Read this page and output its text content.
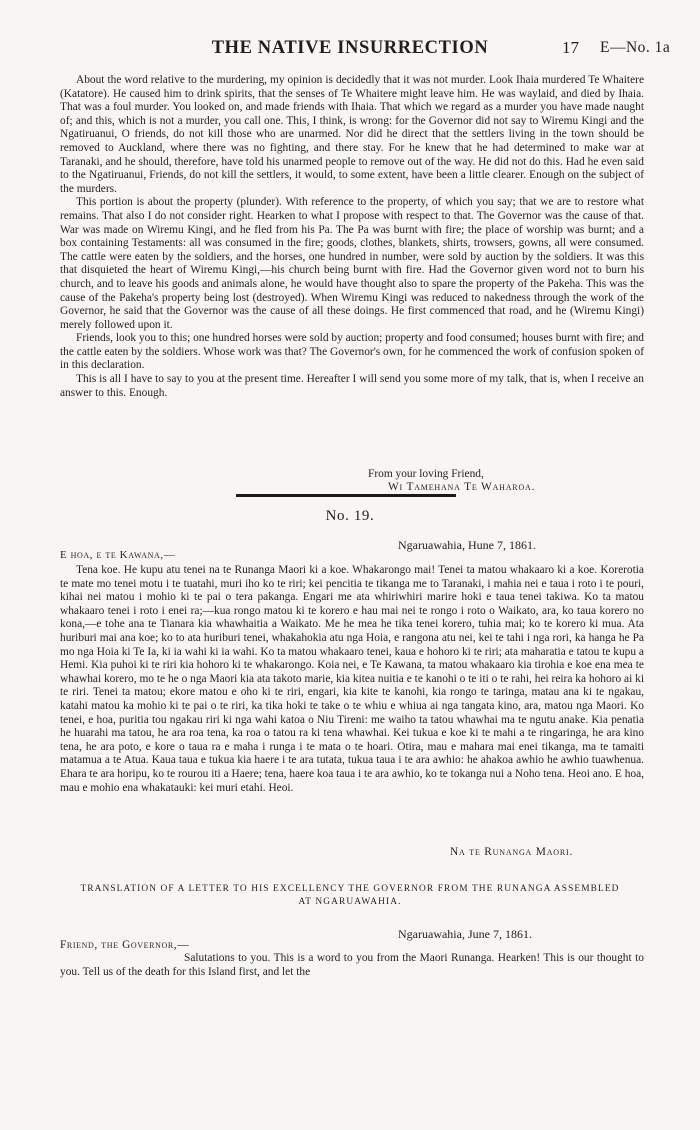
THE NATIVE INSURRECTION	17 E—No. 1a

About the word relative to the murdering, my opinion is decidedly that it was not murder. Look Ihaia murdered Te Whaitere (Katatore). He caused him to drink spirits, that the senses of Te Whaitere might leave him. He was waylaid, and died by Ihaia. That was a foul murder. You looked on, and made friends with Ihaia. That which we regard as a murder you have made naught of; and this, which is not a murder, you call one. This, I think, is wrong: for the Governor did not say to Wiremu Kingi and the Ngatiruanui, O friends, do not kill those who are unarmed. Nor did he direct that the settlers living in the town should be removed to Auckland, where there was no fighting, and there stay. For he knew that he had determined to make war at Taranaki, and he should, therefore, have told his unarmed people to remove out of the way. He did not do this. Had he even said to the Ngatiruanui, Friends, do not kill the settlers, it would, to some extent, have been a little clearer. Enough on the subject of the murders.

This portion is about the property (plunder). With reference to the property, of which you say; that we are to restore what remains. That also I do not consider right. Hearken to what I propose with respect to that. The Governor was the cause of that. War was made on Wiremu Kingi, and he fled from his Pa. The Pa was burnt with fire; the place of worship was burnt; and a box containing Testaments: all was consumed in the fire; goods, clothes, blankets, shirts, trowsers, gowns, all were consumed. The cattle were eaten by the soldiers, and the horses, one hundred in number, were sold by auction by the soldiers. It was this that disquieted the heart of Wiremu Kingi,—his church being burnt with fire. Had the Governor given word not to burn his church, and to leave his goods and animals alone, he would have thought also to spare the property of the Pakeha. This was the cause of the Pakeha's property being lost (destroyed). When Wiremu Kingi was reduced to nakedness through the work of the Governor, he said that the Governor was the cause of all these doings. He first commenced that road, and he (Wiremu Kingi) merely followed upon it.

Friends, look you to this; one hundred horses were sold by auction; property and food consumed; houses burnt with fire; and the cattle eaten by the soldiers. Whose work was that? The Governor's own, for he commenced the work of confusion spoken of in this declaration.

This is all I have to say to you at the present time. Hereafter I will send you some more of my talk, that is, when I receive an answer to this. Enough.

From your loving Friend,
Wi Tamehana Te Waharoa.
No. 19.
Ngaruawahia, Hune 7, 1861.
E hoa, e te Kawana,—

Tena koe. He kupu atu tenei na te Runanga Maori ki a koe. Whakarongo mai! Tenei ta matou whakaaro ki a koe. Korerotia te mate mo tenei motu i te tuatahi, muri iho ko te riri; kei pencitia te tikanga me to Taranaki, i mahia nei e taua i roto i te pouri, kihai nei matou i mohio ki te pai o tera pakanga. Engari me ata whiriwhiri marire hoki e taua tenei takiwa. Ko ta matou whakaaro tenei i roto i enei ra;—kua rongo matou ki te korero e hau mai nei te rongo i roto o Waikato, ara, ko taua korero no kona,—e tohe ana te Tianara kia whawhaitia a Waikato. Me he mea he tika tenei korero, tuhia mai; ko te korero ki mua. Ata huriburi mai ana koe; ko to ata huriburi tenei, whakahokia atu nga Hoia, e rangona atu nei, kei te tahi i nga rori, ka hanga he Pa mo nga Hoia ki Te Ia, ki ia wahi ki ia wahi. Ko ta matou whakaaro tenei, kaua e hohoro ki te riri; ata maharatia e tatou te kupu a Hemi. Kia puhoi ki te riri kia hohoro ki te whakarongo. Koia nei, e Te Kawana, ta matou whakaaro kia tirohia e koe ena mea te whawhai korero, mo te he o nga Maori kia ata takoto marie, kia kitea nuitia e te kanohi o te iti o te rahi, hei reira ka hohoro ai ki te riri. Tenei ta matou; ekore matou e oho ki te riri, engari, kia kite te kanohi, kia rongo te taringa, matau ana ki te ngakau, katahi matou ka mohio ki te pai o te riri, ka tika hoki te take o te whiu e whiua ai nga tangata kino, ara, matou nga Maori. Ko tenei, e hoa, puritia tou ngakau riri ki nga wahi katoa o Niu Tireni: me waiho ta tatou whawhai ma te ngutu anake. Kia penatia he huarahi ma tatou, he ara roa tena, ka roa o tatou ra ki tena whawhai. Kei tukua e koe ki te mahi a te ringaringa, he ara kino tena, he ara poto, e kore o taua ra e maha i runga i te mata o te hoari. Otira, mau e mahara mai enei tikanga, ma te tamaiti matamua a te Atua. Kaua taua e tukua kia haere i te ara tutata, tukua taua i te ara awhio: he ahakoa awhio he awhio tuawhenua. Ehara te ara horipu, ko te rourou iti a Haere; tena, haere koa taua i te ara awhio, ko te tokanga nui a Noho tena. Heoi ano. E hoa, mau e mohio ena whakatauki: kei muri etahi. Heoi.

Na te Runanga Maori.
TRANSLATION OF A LETTER TO HIS EXCELLENCY THE GOVERNOR FROM THE RUNANGA ASSEMBLED
AT NGARUAWAHIA.
Ngaruawahia, June 7, 1861.
Friend, the Governor,—

Salutations to you. This is a word to you from the Maori Runanga. Hearken! This is our thought to you. Tell us of the death for this Island first, and let the
